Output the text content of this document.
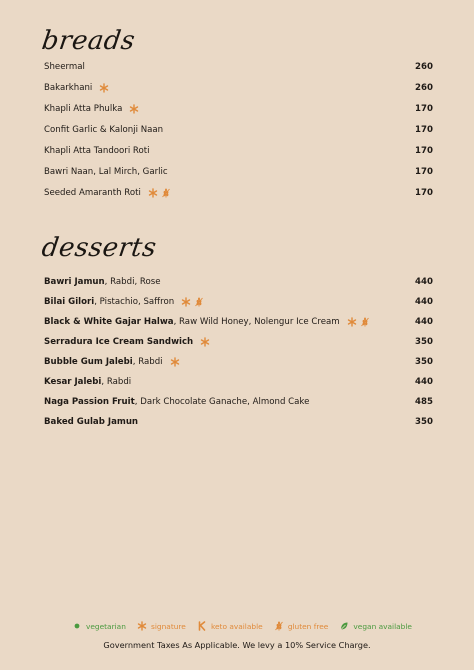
breads
Sheermal	260
Bakarkhani	260
Khapli Atta Phulka	170
Confit Garlic & Kalonji Naan	170
Khapli Atta Tandoori Roti	170
Bawri Naan, Lal Mirch, Garlic	170
Seeded Amaranth Roti	170
desserts
Bawri Jamun , Rabdi, Rose	440
Bilai Gilori , Pistachio, Saffron	440
Black & White Gajar Halwa , Raw Wild Honey, Nolengur Ice Cream	440
Serradura Ice Cream Sandwich	350
Bubble Gum Jalebi , Rabdi	350
Kesar Jalebi , Rabdi	440
Naga Passion Fruit , Dark Chocolate Ganache, Almond Cake	485
Baked Gulab Jamun	350
vegetarian	signature	keto available	gluten free	vegan available
Government Taxes As Applicable. We levy a 10% Service Charge.
